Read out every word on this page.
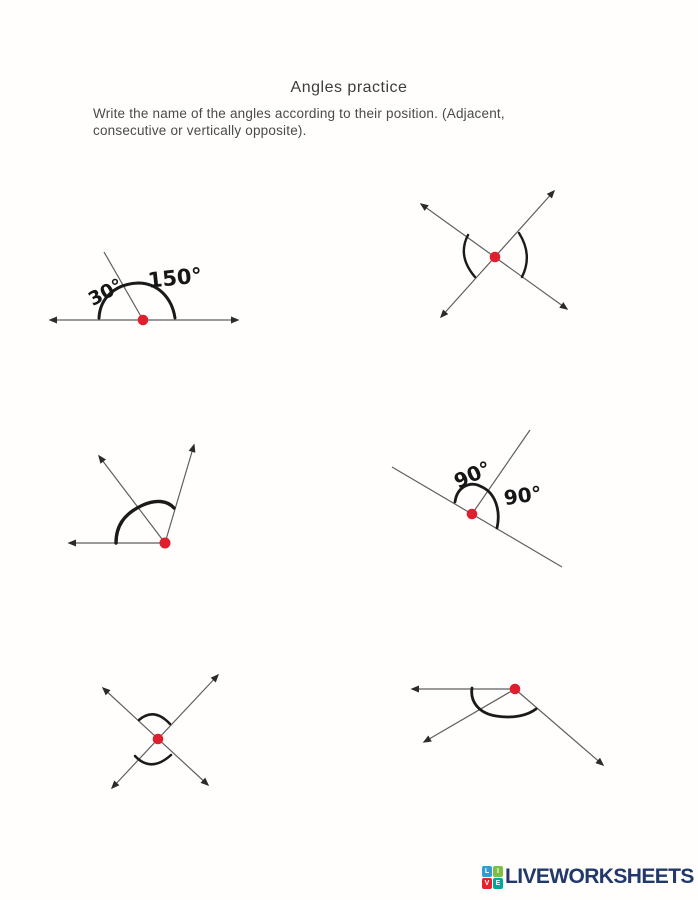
Angles practice
Write the name of the angles according to their position. (Adjacent,
consecutive or vertically opposite).
30° 150°
90°
90°
L	I
V E LIVEWORKSHEETS
